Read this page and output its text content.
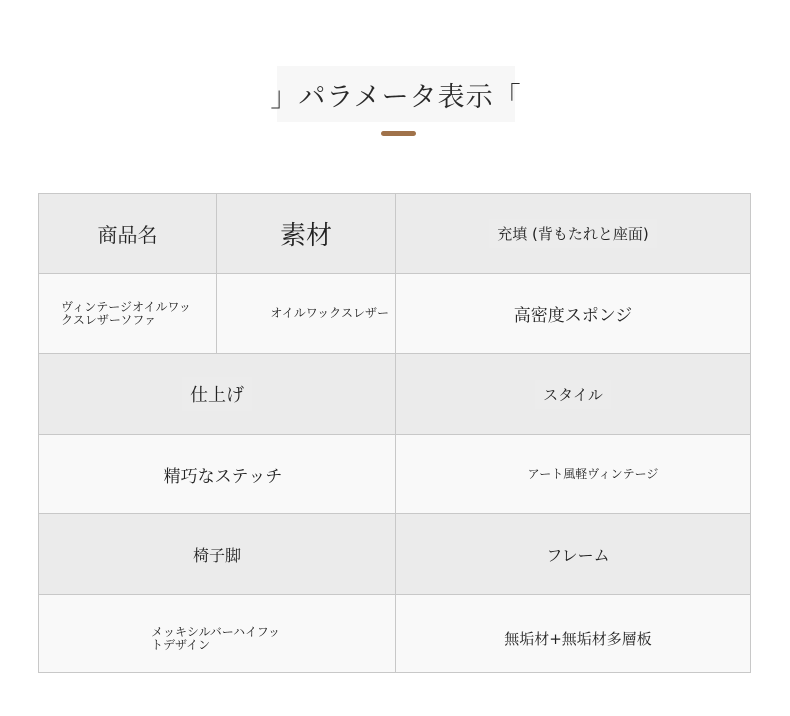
」パラメータ表示「
商品名	素材	充填 (背もたれと座面)
ヴィンテージオイルワックスレザーソファ	オイルワックスレザー	高密度スポンジ
仕上げ	スタイル
精巧なステッチ	アート風軽ヴィンテージ
椅子脚	フレーム
メッキシルバーハイフットデザイン	無垢材+無垢材多層板
